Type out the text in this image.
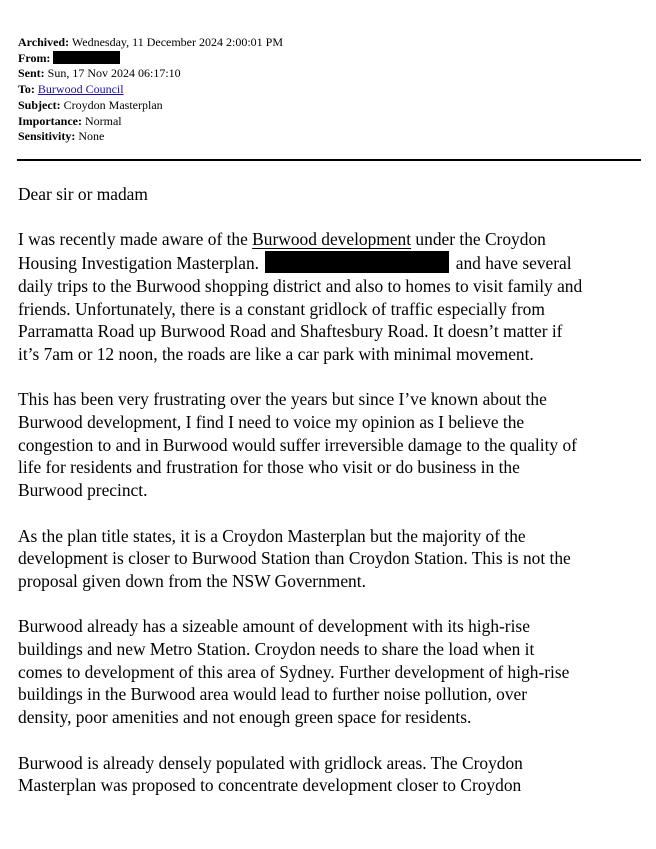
Archived: Wednesday, 11 December 2024 2:00:01 PM
From:
Sent: Sun, 17 Nov 2024 06:17:10
To: Burwood Council
Subject: Croydon Masterplan
Importance: Normal
Sensitivity: None

Dear sir or madam

I was recently made aware of the Burwood development under the Croydon
Housing Investigation Masterplan.	and have several
daily trips to the Burwood shopping district and also to homes to visit family and
friends. Unfortunately, there is a constant gridlock of traffic especially from
Parramatta Road up Burwood Road and Shaftesbury Road. It doesn’t matter if
it’s 7am or 12 noon, the roads are like a car park with minimal movement.

This has been very frustrating over the years but since I’ve known about the
Burwood development, I find I need to voice my opinion as I believe the
congestion to and in Burwood would suffer irreversible damage to the quality of
life for residents and frustration for those who visit or do business in the
Burwood precinct.

As the plan title states, it is a Croydon Masterplan but the majority of the
development is closer to Burwood Station than Croydon Station. This is not the
proposal given down from the NSW Government.

Burwood already has a sizeable amount of development with its high-rise
buildings and new Metro Station. Croydon needs to share the load when it
comes to development of this area of Sydney. Further development of high-rise
buildings in the Burwood area would lead to further noise pollution, over
density, poor amenities and not enough green space for residents.

Burwood is already densely populated with gridlock areas. The Croydon
Masterplan was proposed to concentrate development closer to Croydon
